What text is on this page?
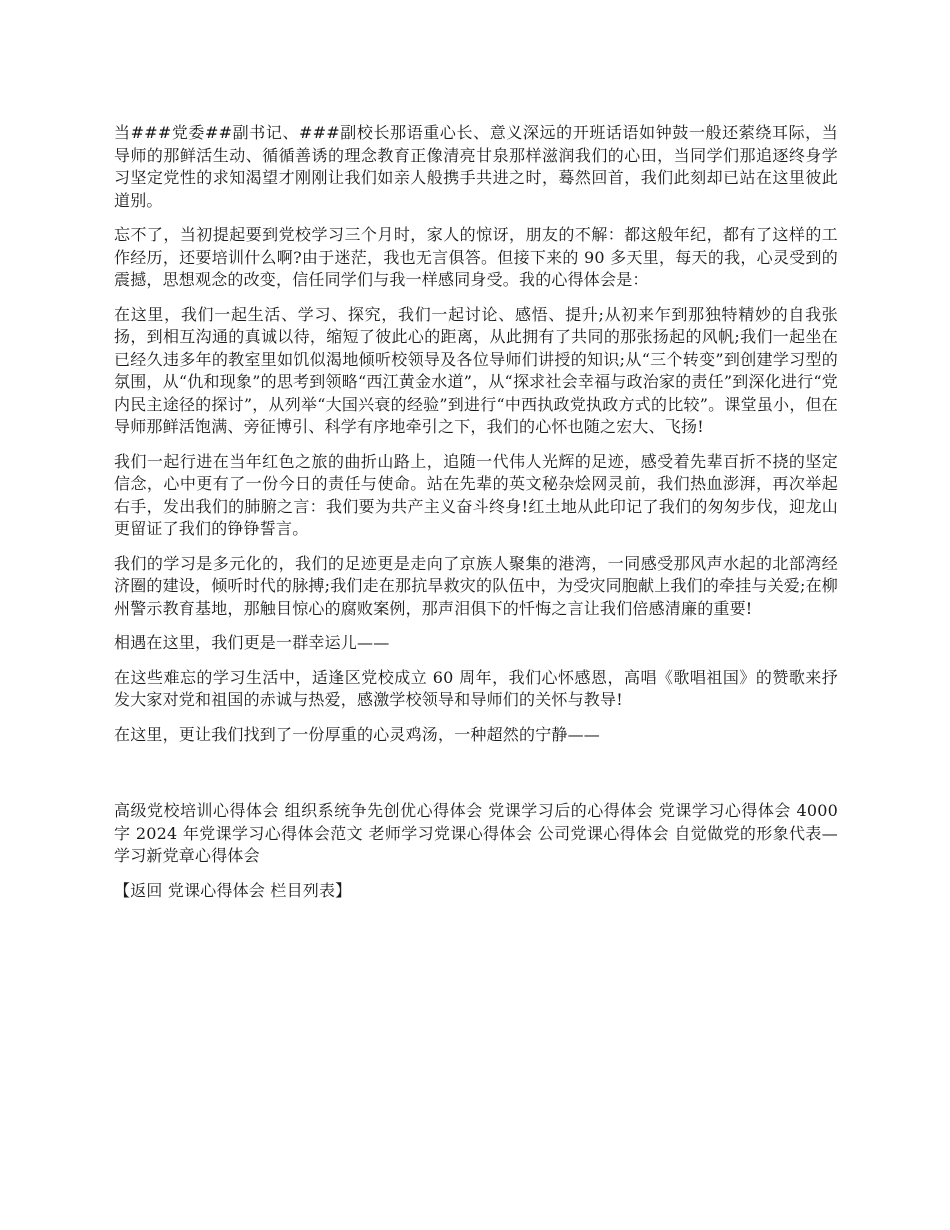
当###党委##副书记、###副校长那语重心长、意义深远的开班话语如钟鼓一般还萦绕耳际，当导师的那鲜活生动、循循善诱的理念教育正像清亮甘泉那样滋润我们的心田，当同学们那追逐终身学习坚定党性的求知渴望才刚刚让我们如亲人般携手共进之时，蓦然回首，我们此刻却已站在这里彼此道别。

忘不了，当初提起要到党校学习三个月时，家人的惊讶，朋友的不解：都这般年纪，都有了这样的工作经历，还要培训什么啊?由于迷茫，我也无言俱答。但接下来的 90 多天里，每天的我，心灵受到的震撼，思想观念的改变，信任同学们与我一样感同身受。我的心得体会是：

在这里，我们一起生活、学习、探究，我们一起讨论、感悟、提升;从初来乍到那独特精妙的自我张扬，到相互沟通的真诚以待，缩短了彼此心的距离，从此拥有了共同的那张扬起的风帆;我们一起坐在已经久违多年的教室里如饥似渴地倾听校领导及各位导师们讲授的知识;从“三个转变”到创建学习型的氛围，从“仇和现象”的思考到领略“西江黄金水道”，从“探求社会幸福与政治家的责任”到深化进行“党内民主途径的探讨”，从列举“大国兴衰的经验”到进行“中西执政党执政方式的比较”。课堂虽小，但在导师那鲜活饱满、旁征博引、科学有序地牵引之下，我们的心怀也随之宏大、飞扬!

我们一起行进在当年红色之旅的曲折山路上，追随一代伟人光辉的足迹，感受着先辈百折不挠的坚定信念，心中更有了一份今日的责任与使命。站在先辈的英文秘杂烩网灵前，我们热血澎湃，再次举起右手，发出我们的肺腑之言：我们要为共产主义奋斗终身!红土地从此印记了我们的匆匆步伐，迎龙山更留证了我们的铮铮誓言。

我们的学习是多元化的，我们的足迹更是走向了京族人聚集的港湾，一同感受那风声水起的北部湾经济圈的建设，倾听时代的脉搏;我们走在那抗旱救灾的队伍中，为受灾同胞献上我们的牵挂与关爱;在柳州警示教育基地，那触目惊心的腐败案例，那声泪俱下的忏悔之言让我们倍感清廉的重要!

相遇在这里，我们更是一群幸运儿——

在这些难忘的学习生活中，适逢区党校成立 60 周年，我们心怀感恩，高唱《歌唱祖国》的赞歌来抒发大家对党和祖国的赤诚与热爱，感激学校领导和导师们的关怀与教导!

在这里，更让我们找到了一份厚重的心灵鸡汤，一种超然的宁静——

高级党校培训心得体会 组织系统争先创优心得体会 党课学习后的心得体会 党课学习心得体会 4000 字 2024 年党课学习心得体会范文 老师学习党课心得体会 公司党课心得体会 自觉做党的形象代表—学习新党章心得体会

【返回 党课心得体会 栏目列表】
